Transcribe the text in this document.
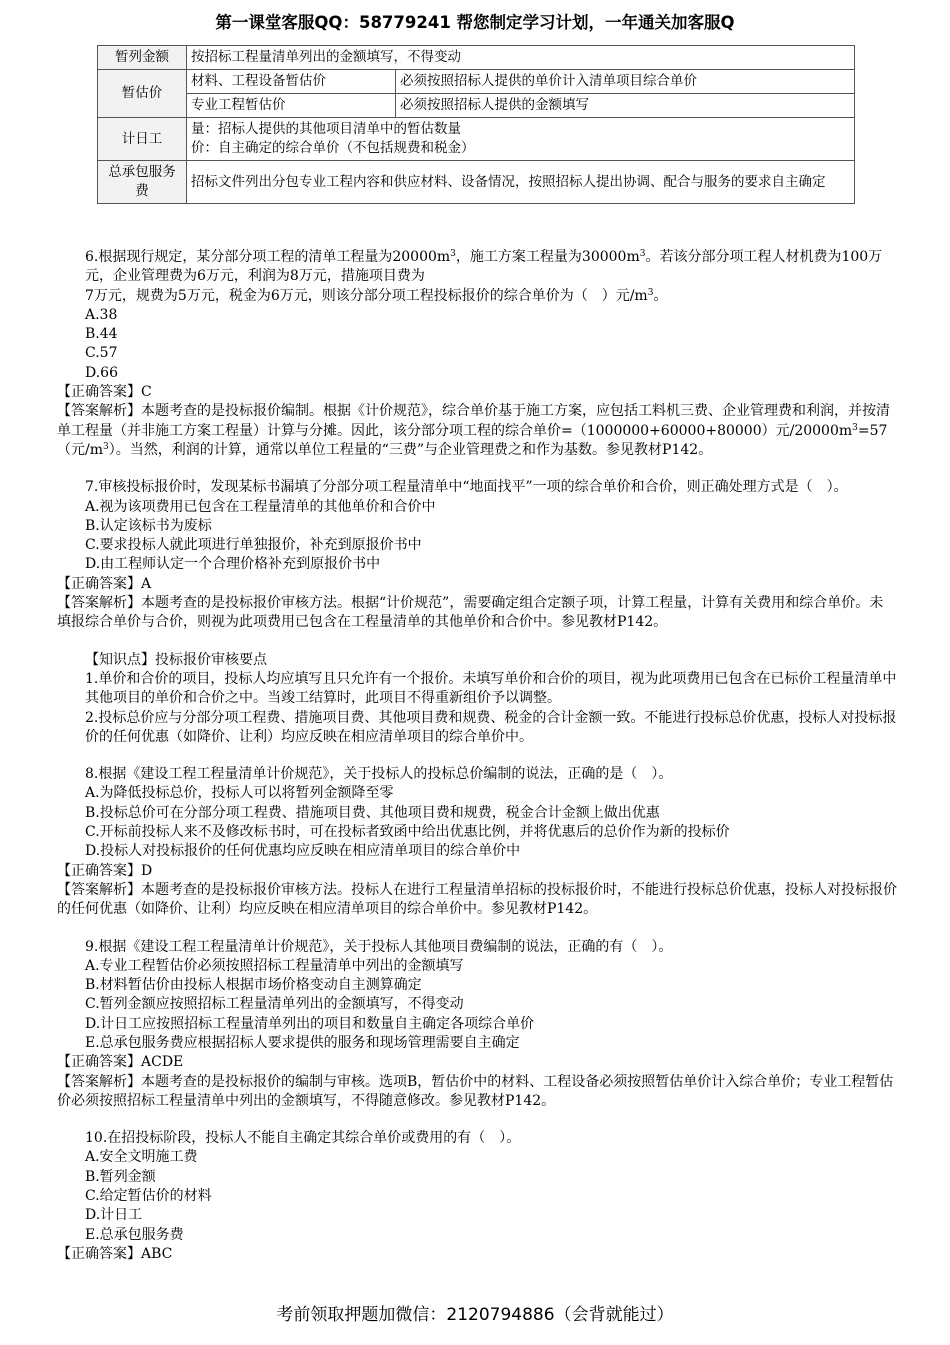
第一课堂客服QQ：58779241 帮您制定学习计划，一年通关加客服Q
暂列金额	按招标工程量清单列出的金额填写，不得变动	
暂估价	材料、工程设备暂估价	必须按照招标人提供的单价计入清单项目综合单价
	专业工程暂估价	必须按照招标人提供的金额填写
计日工	量：招标人提供的其他项目清单中的暂估数量
价：自主确定的综合单价（不包括规费和税金）	

总承包服务费	招标文件列出分包专业工程内容和供应材料、设备情况，按照招标人提出协调、配合与服务的要求自主确定	
6.根据现行规定，某分部分项工程的清单工程量为$20000m^3$，施工方案工程量为$30000m^3$。若该分部分项工程人材机费为100万元，企业管理费为6万元，利润为8万元，措施项目费为
7万元，规费为5万元，税金为6万元，则该分部分项工程投标报价的综合单价为（　）元$/m^3$。
A.38
B.44
C.57
D.66
【正确答案】C
【答案解析】本题考查的是投标报价编制。根据《计价规范》，综合单价基于施工方案，应包括工料机三费、企业管理费和利润，并按清单工程量（并非施工方案工程量）计算与分摊。因此，该分部分项工程的综合单价=（1000000+60000+80000）元$/20000m^3=57$（元$/m^3$）。当然，利润的计算，通常以单位工程量的“三费”与企业管理费之和作为基数。参见教材P142。
7.审核投标报价时，发现某标书漏填了分部分项工程量清单中“地面找平”一项的综合单价和合价，则正确处理方式是（　）。
A.视为该项费用已包含在工程量清单的其他单价和合价中
B.认定该标书为废标
C.要求投标人就此项进行单独报价，补充到原报价书中
D.由工程师认定一个合理价格补充到原报价书中
【正确答案】A
【答案解析】本题考查的是投标报价审核方法。根据“计价规范”，需要确定组合定额子项，计算工程量，计算有关费用和综合单价。未填报综合单价与合价，则视为此项费用已包含在工程量清单的其他单价和合价中。参见教材P142。
【知识点】投标报价审核要点
1.单价和合价的项目，投标人均应填写且只允许有一个报价。未填写单价和合价的项目，视为此项费用已包含在已标价工程量清单中其他项目的单价和合价之中。当竣工结算时，此项目不得重新组价予以调整。
2.投标总价应与分部分项工程费、措施项目费、其他项目费和规费、税金的合计金额一致。不能进行投标总价优惠，投标人对投标报价的任何优惠（如降价、让利）均应反映在相应清单项目的综合单价中。
8.根据《建设工程工程量清单计价规范》，关于投标人的投标总价编制的说法，正确的是（　）。
A.为降低投标总价，投标人可以将暂列金额降至零
B.投标总价可在分部分项工程费、措施项目费、其他项目费和规费，税金合计金额上做出优惠
C.开标前投标人来不及修改标书时，可在投标者致函中给出优惠比例，并将优惠后的总价作为新的投标价
D.投标人对投标报价的任何优惠均应反映在相应清单项目的综合单价中
【正确答案】D
【答案解析】本题考查的是投标报价审核方法。投标人在进行工程量清单招标的投标报价时，不能进行投标总价优惠，投标人对投标报价的任何优惠（如降价、让利）均应反映在相应清单项目的综合单价中。参见教材P142。
9.根据《建设工程工程量清单计价规范》，关于投标人其他项目费编制的说法，正确的有（　）。
A.专业工程暂估价必须按照招标工程量清单中列出的金额填写
B.材料暂估价由投标人根据市场价格变动自主测算确定
C.暂列金额应按照招标工程量清单列出的金额填写，不得变动
D.计日工应按照招标工程量清单列出的项目和数量自主确定各项综合单价
E.总承包服务费应根据招标人要求提供的服务和现场管理需要自主确定
【正确答案】ACDE
【答案解析】本题考查的是投标报价的编制与审核。选项B，暂估价中的材料、工程设备必须按照暂估单价计入综合单价；专业工程暂估价必须按照招标工程量清单中列出的金额填写，不得随意修改。参见教材P142。
10.在招投标阶段，投标人不能自主确定其综合单价或费用的有（　）。
A.安全文明施工费
B.暂列金额
C.给定暂估价的材料
D.计日工
E.总承包服务费
【正确答案】ABC
考前领取押题加微信：2120794886（会背就能过）
